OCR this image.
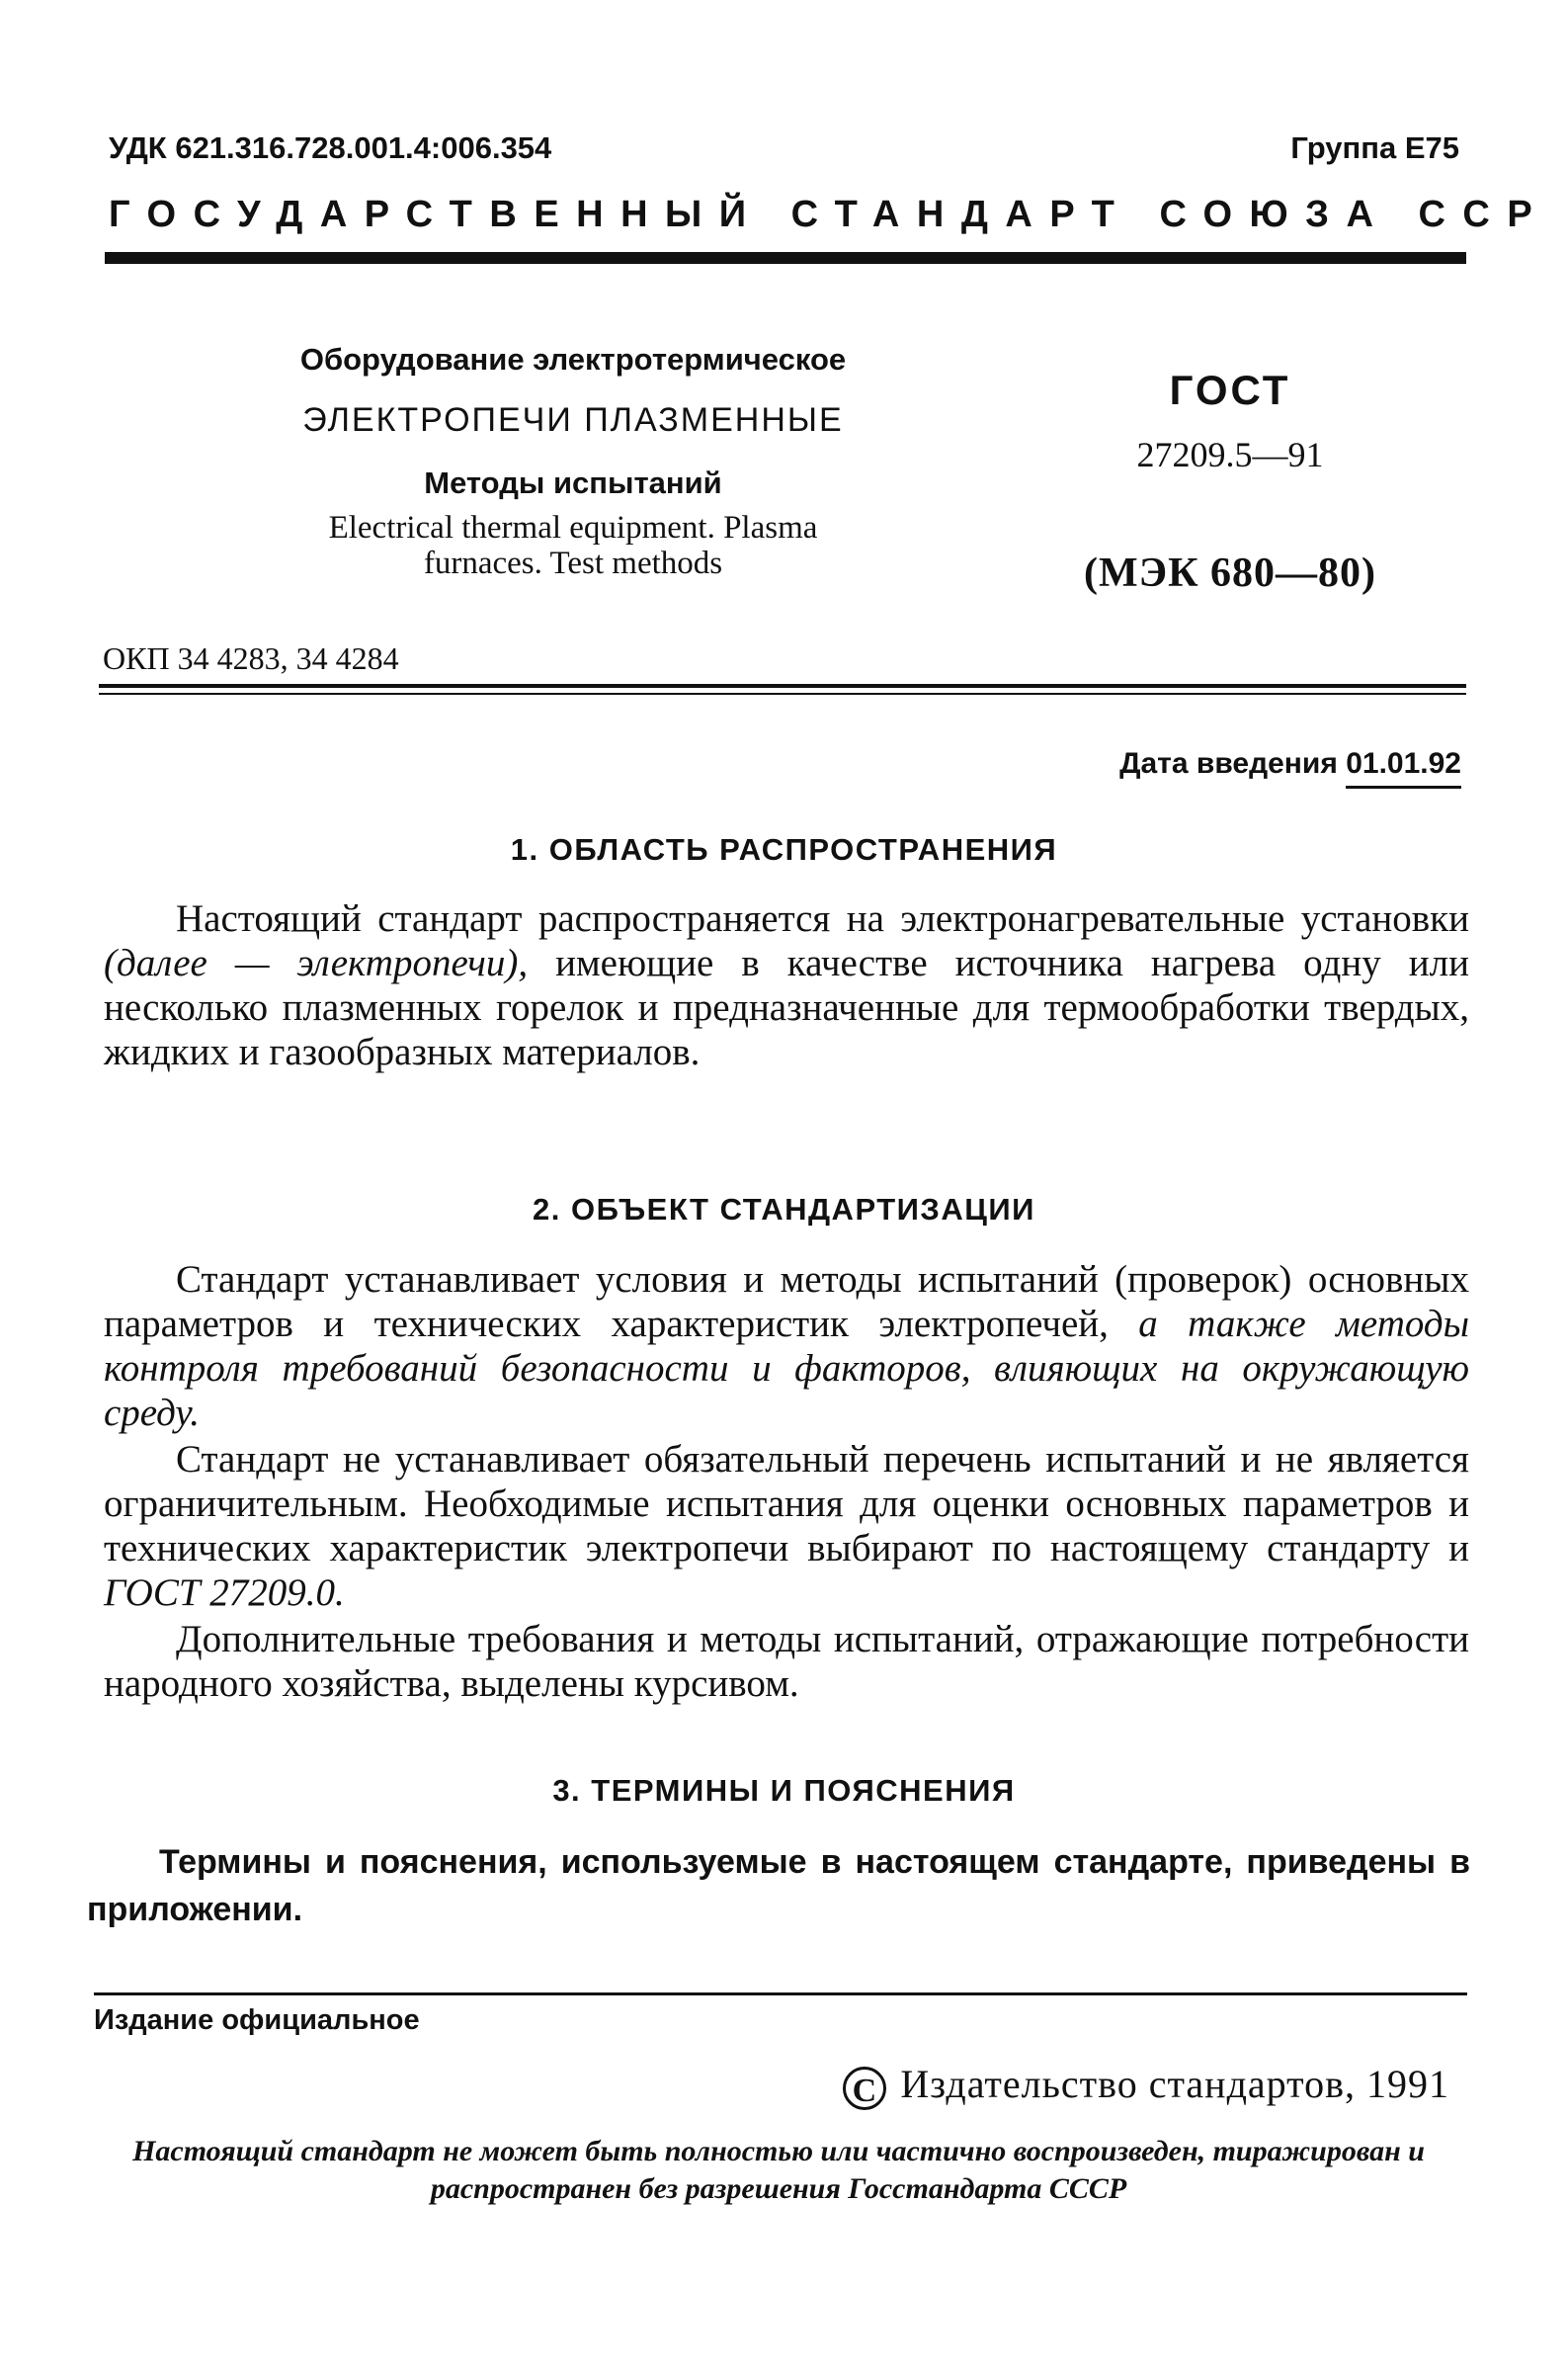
УДК 621.316.728.001.4:006.354	Группа Е75
ГОСУДАРСТВЕННЫЙ СТАНДАРТ СОЮЗА ССР

Оборудование электротермическое

ЭЛЕКТРОПЕЧИ ПЛАЗМЕННЫЕ

Методы испытаний

Electrical thermal equipment. Plasma

furnaces. Test methods

ГОСТ
27209.5—91
(МЭК 680—80)
ОКП 34 4283, 34 4284
Дата введения 01.01.92
1. ОБЛАСТЬ РАСПРОСТРАНЕНИЯ

Настоящий стандарт распространяется на электронагревательные установки (далее — электропечи), имеющие в качестве источника нагрева одну или несколько плазменных горелок и предназначенные для термообработки твердых, жидких и газообразных материалов.

2. ОБЪЕКТ СТАНДАРТИЗАЦИИ

Стандарт устанавливает условия и методы испытаний (проверок) основных параметров и технических характеристик электропечей, а также методы контроля требований безопасности и факторов, влияющих на окружающую среду.

Стандарт не устанавливает обязательный перечень испытаний и не является ограничительным. Необходимые испытания для оценки основных параметров и технических характеристик электропечи выбирают по настоящему стандарту и ГОСТ 27209.0.

Дополнительные требования и методы испытаний, отражающие потребности народного хозяйства, выделены курсивом.

3. ТЕРМИНЫ И ПОЯСНЕНИЯ

Термины и пояснения, используемые в настоящем стандарте, приведены в приложении.

Издание официальное
C Издательство стандартов, 1991
Настоящий стандарт не может быть полностью или частично воспроизведен, тиражирован и распространен без разрешения Госстандарта СССР
